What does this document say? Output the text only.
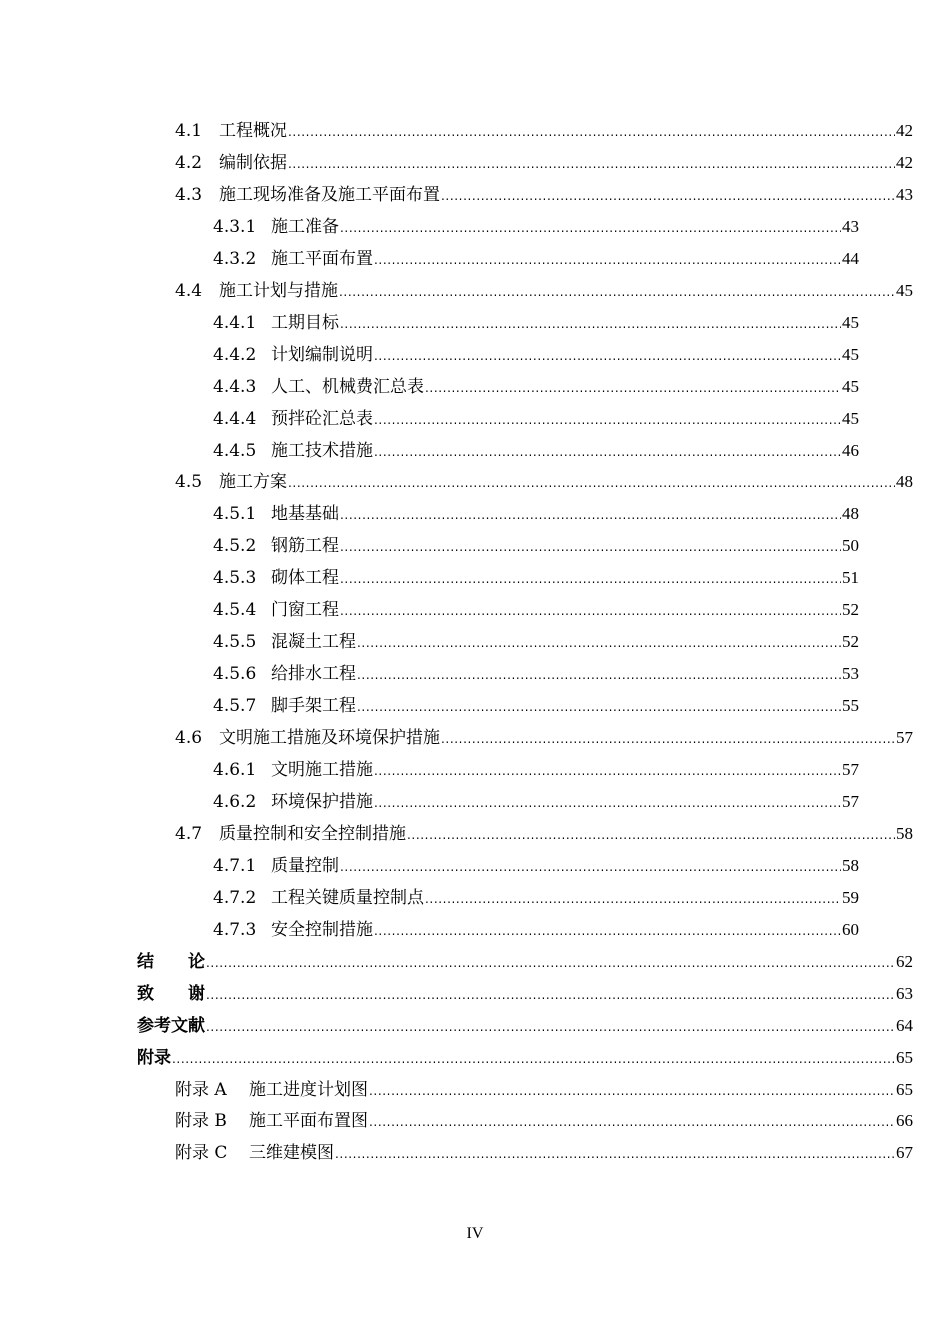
4.1 工程概况 .....	42
4.2 编制依据 .....	42
4.3 施工现场准备及施工平面布置 .....	43
4.3.1 施工准备 .....	43
4.3.2 施工平面布置 .....	44
4.4 施工计划与措施 .....	45
4.4.1 工期目标 .....	45
4.4.2 计划编制说明 .....	45
4.4.3 人工、机械费汇总表 .....	45
4.4.4 预拌砼汇总表 .....	45
4.4.5 施工技术措施 .....	46
4.5 施工方案 .....	48
4.5.1 地基基础 .....	48
4.5.2 钢筋工程 .....	50
4.5.3 砌体工程 .....	51
4.5.4 门窗工程 .....	52
4.5.5 混凝土工程 .....	52
4.5.6 给排水工程 .....	53
4.5.7 脚手架工程 .....	55
4.6 文明施工措施及环境保护措施 .....	57
4.6.1 文明施工措施 .....	57
4.6.2 环境保护措施 .....	57
4.7 质量控制和安全控制措施 .....	58
4.7.1 质量控制 .....	58
4.7.2 工程关键质量控制点 .....	59
4.7.3 安全控制措施 .....	60
结　　论 .....	62
致　　谢 .....	63
参考文献 .....	64
附录 .....	65
附录 A	施工进度计划图 .....	65
附录 B	施工平面布置图 .....	66
附录 C	三维建模图 .....	67
IV
